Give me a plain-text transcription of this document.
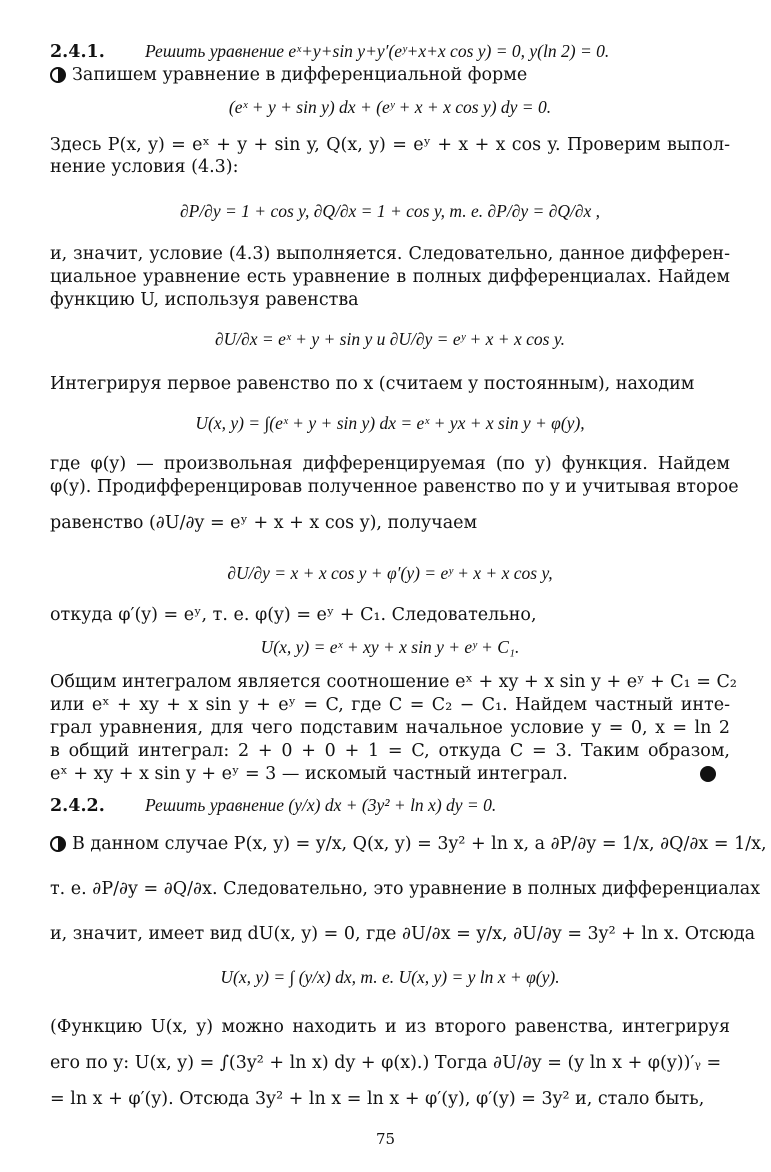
2.4.1. Решить уравнение eˣ+y+sin y+y′(eʸ+x+x cos y) = 0, y(ln 2) = 0.
Запишем уравнение в дифференциальной форме
(eˣ + y + sin y) dx + (eʸ + x + x cos y) dy = 0.
Здесь P(x, y) = eˣ + y + sin y, Q(x, y) = eʸ + x + x cos y. Проверим выпол-
нение условия (4.3):
∂P/∂y = 1 + cos y, ∂Q/∂x = 1 + cos y, т. е. ∂P/∂y = ∂Q/∂x ,
и, значит, условие (4.3) выполняется. Следовательно, данное дифферен-
циальное уравнение есть уравнение в полных дифференциалах. Найдем
функцию U, используя равенства
∂U/∂x = eˣ + y + sin y и ∂U/∂y = eʸ + x + x cos y.
Интегрируя первое равенство по x (считаем y постоянным), находим
U(x, y) = ∫(eˣ + y + sin y) dx = eˣ + yx + x sin y + φ(y),
где φ(y) — произвольная дифференцируемая (по y) функция. Найдем
φ(y). Продифференцировав полученное равенство по y и учитывая второе
равенство (∂U/∂y = eʸ + x + x cos y), получаем
∂U/∂y = x + x cos y + φ′(y) = eʸ + x + x cos y,
откуда φ′(y) = eʸ, т. е. φ(y) = eʸ + C₁. Следовательно,
U(x, y) = eˣ + xy + x sin y + eʸ + C₁.
Общим интегралом является соотношение eˣ + xy + x sin y + eʸ + C₁ = C₂
или eˣ + xy + x sin y + eʸ = C, где C = C₂ − C₁. Найдем частный инте-
грал уравнения, для чего подставим начальное условие y = 0, x = ln 2
в общий интеграл: 2 + 0 + 0 + 1 = C, откуда C = 3. Таким образом,
eˣ + xy + x sin y + eʸ = 3 — искомый частный интеграл.
2.4.2. Решить уравнение (y/x) dx + (3y² + ln x) dy = 0.
В данном случае P(x, y) = y/x, Q(x, y) = 3y² + ln x, а ∂P/∂y = 1/x, ∂Q/∂x = 1/x,
т. е. ∂P/∂y = ∂Q/∂x. Следовательно, это уравнение в полных дифференциалах
и, значит, имеет вид dU(x, y) = 0, где ∂U/∂x = y/x, ∂U/∂y = 3y² + ln x. Отсюда
U(x, y) = ∫ (y/x) dx, т. е. U(x, y) = y ln x + φ(y).
(Функцию U(x, y) можно находить и из второго равенства, интегрируя
его по y: U(x, y) = ∫(3y² + ln x) dy + φ(x).) Тогда ∂U/∂y = (y ln x + φ(y))′ᵧ =
= ln x + φ′(y). Отсюда 3y² + ln x = ln x + φ′(y), φ′(y) = 3y² и, стало быть,
75
